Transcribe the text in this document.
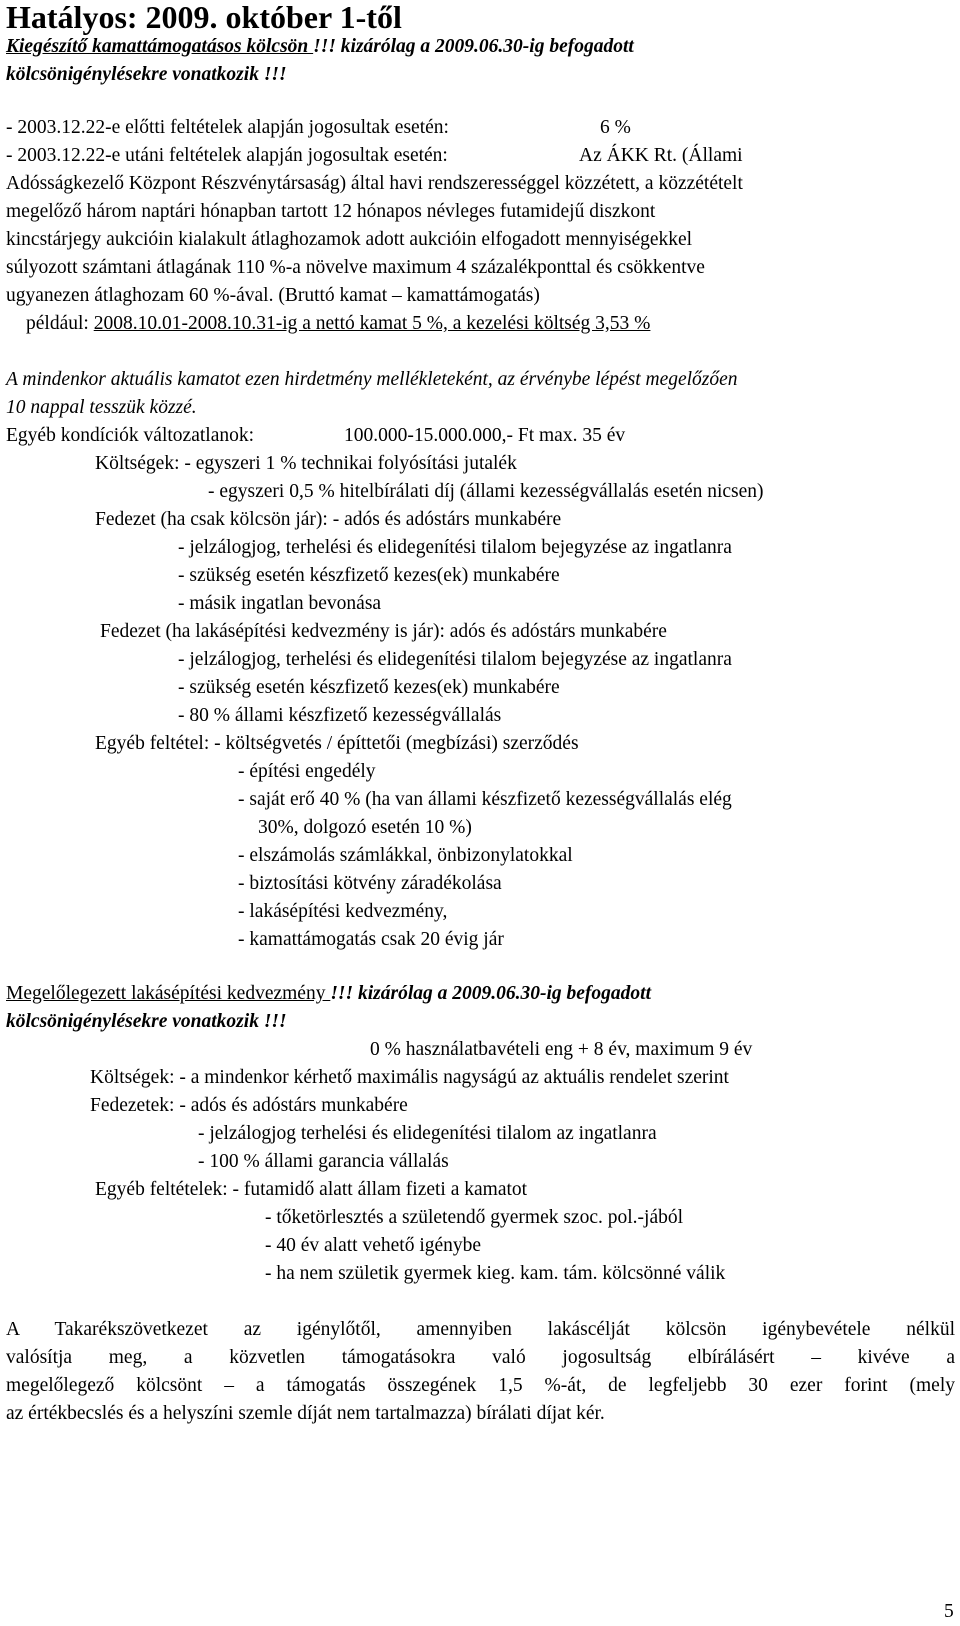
Hatályos: 2009. október 1-től
Kiegészítő kamattámogatásos kölcsön !!! kizárólag a 2009.06.30-ig befogadott
kölcsönigénylésekre vonatkozik !!!
- 2003.12.22-e előtti feltételek alapján jogosultak esetén:	6 %
- 2003.12.22-e utáni feltételek alapján jogosultak esetén:	Az ÁKK Rt. (Állami
Adósságkezelő Központ Részvénytársaság) által havi rendszerességgel közzétett, a közzétételt
megelőző három naptári hónapban tartott 12 hónapos névleges futamidejű diszkont
kincstárjegy aukcióin kialakult átlaghozamok adott aukcióin elfogadott mennyiségekkel
súlyozott számtani átlagának 110 %-a növelve maximum 4 százalékponttal és csökkentve
ugyanezen átlaghozam 60 %-ával. (Bruttó kamat – kamattámogatás)
például: 2008.10.01-2008.10.31-ig a nettó kamat 5 %, a kezelési költség 3,53 %
A mindenkor aktuális kamatot ezen hirdetmény mellékleteként, az érvénybe lépést megelőzően
10 nappal tesszük közzé.
Egyéb kondíciók változatlanok:	100.000-15.000.000,- Ft max. 35 év
Költségek: - egyszeri 1 % technikai folyósítási jutalék
- egyszeri 0,5 % hitelbírálati díj (állami kezességvállalás esetén nicsen)
Fedezet (ha csak kölcsön jár): - adós és adóstárs munkabére
- jelzálogjog, terhelési és elidegenítési tilalom bejegyzése az ingatlanra
- szükség esetén készfizető kezes(ek) munkabére
- másik ingatlan bevonása
Fedezet (ha lakásépítési kedvezmény is jár): adós és adóstárs munkabére
- jelzálogjog, terhelési és elidegenítési tilalom bejegyzése az ingatlanra
- szükség esetén készfizető kezes(ek) munkabére
- 80 % állami készfizető kezességvállalás
Egyéb feltétel: - költségvetés / építtetői (megbízási) szerződés
- építési engedély
- saját erő 40 % (ha van állami készfizető kezességvállalás elég
30%, dolgozó esetén 10 %)
- elszámolás számlákkal, önbizonylatokkal
- biztosítási kötvény záradékolása
- lakásépítési kedvezmény,
- kamattámogatás csak 20 évig jár
Megelőlegezett lakásépítési kedvezmény !!! kizárólag a 2009.06.30-ig befogadott
kölcsönigénylésekre vonatkozik !!!
0 % használatbavételi eng + 8 év, maximum 9 év
Költségek: - a mindenkor kérhető maximális nagyságú az aktuális rendelet szerint
Fedezetek: - adós és adóstárs munkabére
- jelzálogjog terhelési és elidegenítési tilalom az ingatlanra
- 100 % állami garancia vállalás
Egyéb feltételek: - futamidő alatt állam fizeti a kamatot
- tőketörlesztés a születendő gyermek szoc. pol.-jából
- 40 év alatt vehető igénybe
- ha nem születik gyermek kieg. kam. tám. kölcsönné válik
A Takarékszövetkezet az igénylőtől, amennyiben lakáscélját kölcsön igénybevétele nélkül
valósítja meg, a közvetlen támogatásokra való jogosultság elbírálásért – kivéve a
megelőlegező kölcsönt – a támogatás összegének 1,5 %-át, de legfeljebb 30 ezer forint (mely
az értékbecslés és a helyszíni szemle díját nem tartalmazza) bírálati díjat kér.
5
